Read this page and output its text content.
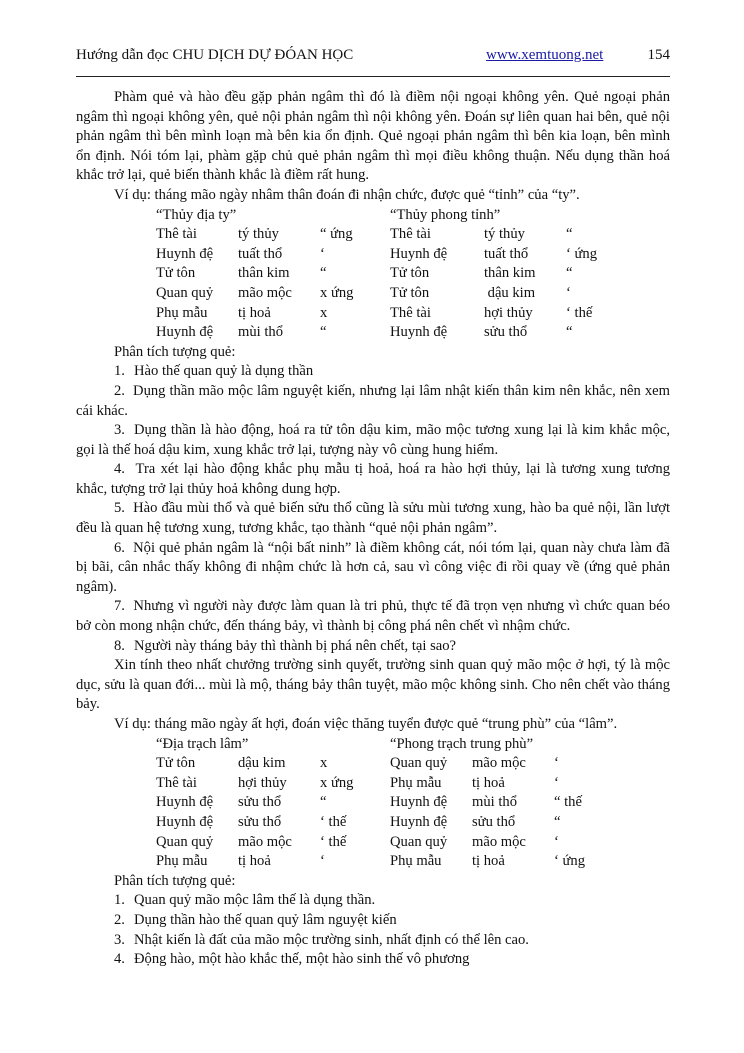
Hướng dẫn đọc CHU DỊCH DỰ ĐÓAN HỌC	www.xemtuong.net	154

Phàm quẻ và hào đều gặp phản ngâm thì đó là điềm nội ngoại không yên. Quẻ ngoại phản ngâm thì ngoại không yên, quẻ nội phản ngâm thì nội không yên. Đoán sự liên quan hai bên, quẻ nội phản ngâm thì bên mình loạn mà bên kia ổn định. Quẻ ngoại phản ngâm thì bên kia loạn, bên mình ổn định. Nói tóm lại, phàm gặp chủ quẻ phản ngâm thì mọi điều không thuận. Nếu dụng thần hoá khắc trở lại, quẻ biến thành khắc là điềm rất hung.

Ví dụ: tháng mão ngày nhâm thân đoán đi nhận chức, được quẻ “tỉnh” của “ty”.

“Thủy địa ty”			“Thủy phong tỉnh”		
Thê tài	tý thủy	“ ứng	Thê tài	tý thủy	“
Huynh đệ	tuất thổ	‘	Huynh đệ	tuất thổ	‘ ứng
Tử tôn	thân kim	“	Tử tôn	thân kim	“
Quan quỷ	mão mộc	x ứng	Tử tôn	dậu kim	‘
Phụ mẫu	tị hoả	x	Thê tài	hợi thủy	‘ thế
Huynh đệ	mùi thổ	“	Huynh đệ	sửu thổ	“

Phân tích tượng quẻ:

1. Hào thế quan quỷ là dụng thần

2. Dụng thần mão mộc lâm nguyệt kiến, nhưng lại lâm nhật kiến thân kim nên khắc, nên xem cái khác.

3. Dụng thần là hào động, hoá ra tử tôn dậu kim, mão mộc tương xung lại là kim khắc mộc, gọi là thế hoá dậu kim, xung khắc trở lại, tượng này vô cùng hung hiểm.

4. Tra xét lại hào động khắc phụ mẫu tị hoả, hoá ra hào hợi thủy, lại là tương xung tương khắc, tượng trở lại thủy hoả không dung hợp.

5. Hào đầu mùi thổ và quẻ biến sửu thổ cũng là sửu mùi tương xung, hào ba quẻ nội, lần lượt đều là quan hệ tương xung, tương khắc, tạo thành “quẻ nội phản ngâm”.

6. Nội quẻ phản ngâm là “nội bất ninh” là điềm không cát, nói tóm lại, quan này chưa làm đã bị bãi, cân nhắc thấy không đi nhậm chức là hơn cả, sau vì công việc đi rồi quay về (ứng quẻ phản ngâm).

7. Nhưng vì người này được làm quan là tri phủ, thực tế đã trọn vẹn nhưng vì chức quan béo bở còn mong nhận chức, đến tháng bảy, vì thành bị công phá nên chết vì nhậm chức.

8. Người này tháng bảy thì thành bị phá nên chết, tại sao?

Xin tính theo nhất chưởng trường sinh quyết, trường sinh quan quỷ mão mộc ở hợi, tý là mộc dục, sửu là quan đới... mùi là mộ, tháng bảy thân tuyệt, mão mộc không sinh. Cho nên chết vào tháng bảy.

Ví dụ: tháng mão ngày ất hợi, đoán việc thăng tuyển được quẻ “trung phù” của “lâm”.

“Địa trạch lâm”			“Phong trạch trung phù”		
Tử tôn	dậu kim	x	Quan quỷ	mão mộc	‘
Thê tài	hợi thủy	x ứng	Phụ mẫu	tị hoả	‘
Huynh đệ	sửu thổ	“	Huynh đệ	mùi thổ	“ thế
Huynh đệ	sửu thổ	‘ thế	Huynh đệ	sửu thổ	“
Quan quỷ	mão mộc	‘ thế	Quan quỷ	mão mộc	‘
Phụ mẫu	tị hoả	‘	Phụ mẫu	tị hoả	‘ ứng

Phân tích tượng quẻ:

1. Quan quỷ mão mộc lâm thế là dụng thần.
2. Dụng thần hào thế quan quỷ lâm nguyệt kiến
3. Nhật kiến là đất của mão mộc trường sinh, nhất định có thể lên cao.
4. Động hào, một hào khắc thế, một hào sinh thế vô phương
